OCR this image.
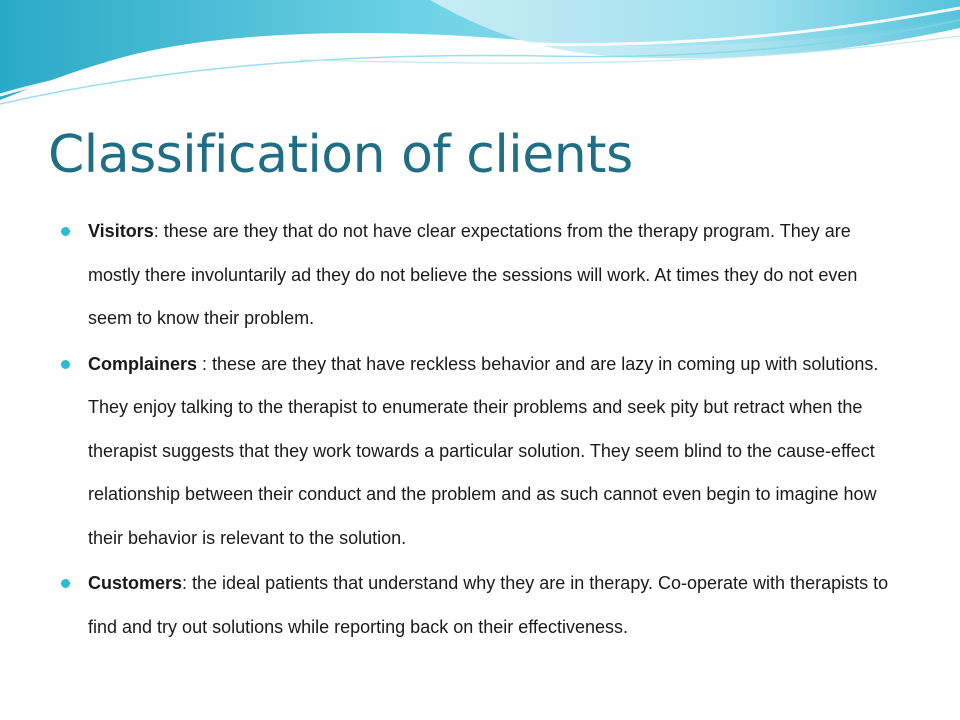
Classification of clients
Visitors: these are they that do not have clear expectations from the therapy program. They are mostly there involuntarily ad they do not believe the sessions will work. At times they do not even seem to know their problem.
Complainers : these are they that have reckless behavior and are lazy in coming up with solutions. They enjoy talking to the therapist to enumerate their problems and seek pity but retract when the therapist suggests that they work towards a particular solution. They seem blind to the cause-effect relationship between their conduct and the problem and as such cannot even begin to imagine how their behavior is relevant to the solution.
Customers: the ideal patients that understand why they are in therapy. Co-operate with therapists to find and try out solutions while reporting back on their effectiveness.
